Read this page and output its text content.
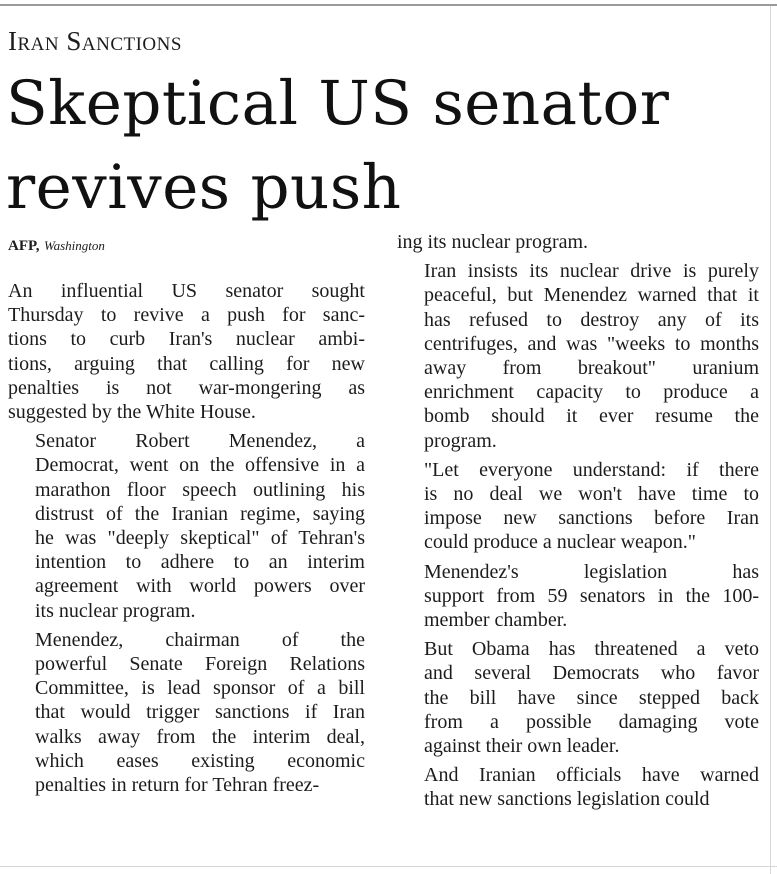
Iran Sanctions
Skeptical US senator
revives push
AFP, Washington

An influential US senator sought
Thursday to revive a push for sanc-
tions to curb Iran's nuclear ambi-
tions, arguing that calling for new
penalties is not war-mongering as
suggested by the White House.

Senator Robert Menendez, a
Democrat, went on the offensive in a
marathon floor speech outlining his
distrust of the Iranian regime, saying
he was "deeply skeptical" of Tehran's
intention to adhere to an interim
agreement with world powers over
its nuclear program.

Menendez, chairman of the
powerful Senate Foreign Relations
Committee, is lead sponsor of a bill
that would trigger sanctions if Iran
walks away from the interim deal,
which eases existing economic
penalties in return for Tehran freez-

ing its nuclear program.

Iran insists its nuclear drive is purely
peaceful, but Menendez warned that it
has refused to destroy any of its
centrifuges, and was "weeks to months
away from breakout" uranium
enrichment capacity to produce a
bomb should it ever resume the
program.

"Let everyone understand: if there
is no deal we won't have time to
impose new sanctions before Iran
could produce a nuclear weapon."

Menendez's legislation has
support from 59 senators in the 100-
member chamber.

But Obama has threatened a veto
and several Democrats who favor
the bill have since stepped back
from a possible damaging vote
against their own leader.

And Iranian officials have warned
that new sanctions legislation could
